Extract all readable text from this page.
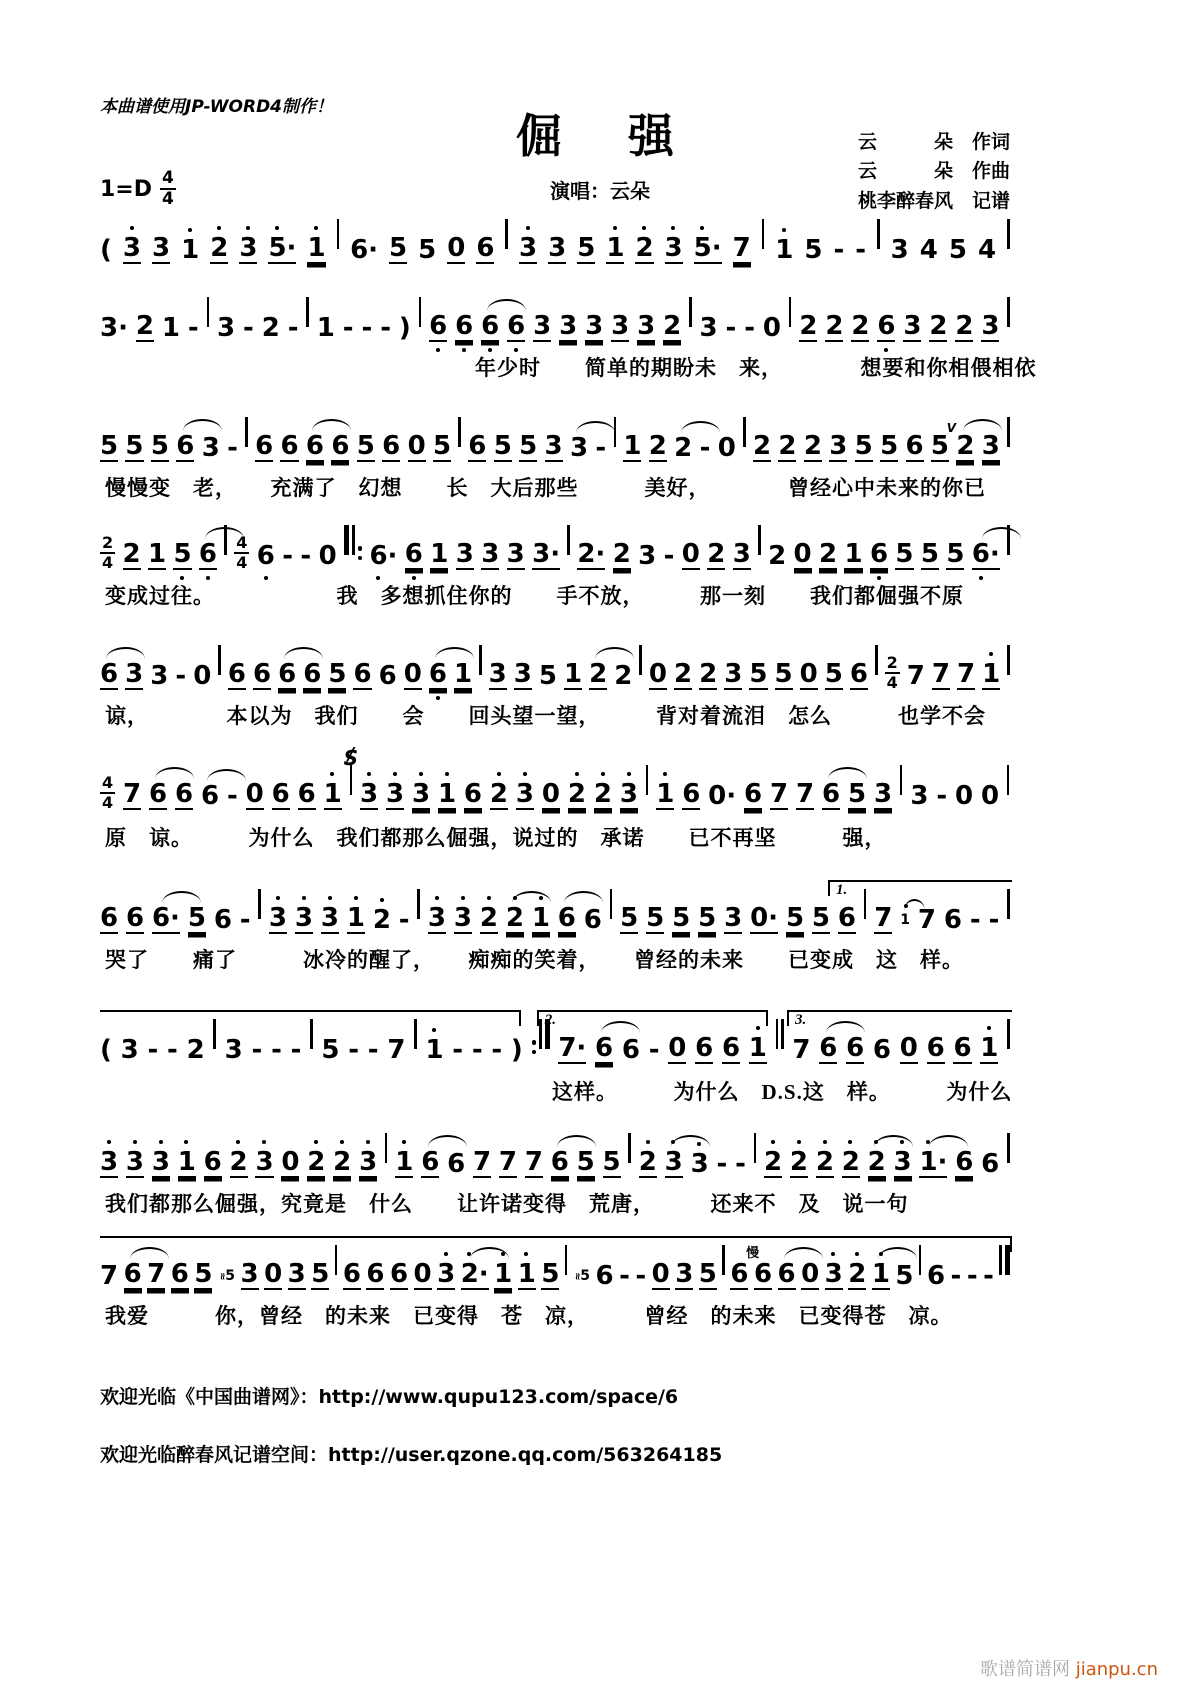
本曲谱使用JP-WORD4制作！
倔　强
演唱：云朵
云　　　朵　作词
云　　　朵　作曲
桃李醉春风　记谱
1=D 4
4
( 3 3 1 2 3 5· 1 6· 5 5 0 6 3 3 5 1 2 3 5· 7 1 5 - - 3 4 5 4
3· 2 1 - 3 - 2 - 1 - - - ) 6 6 6 6 3 3 3 3 3 2 3 - - 0 2 2 2 6 3 2 2 3
年少时　　简单的期盼未　来，　　　　想要和你相偎相依
5 5 5 6 3 - 6 6 6 6 5 6 0 5 6 5 5 3 3 - 1 2 2 - 0 2 2 2 3 5 5 6 5
V
2 3
慢慢变　老，　　充满了　幻想　　长　大后那些　　　美好，　　　　曾经心中未来的你已
2
4 2 1 5 6 4
4 6 - - 0 6· 6 1 3 3 3 3· 2· 2 3 - 0 2 3 2 0 2 1 6 5 5 5 6·
变成过往。　　　　　　我　多想抓住你的　　手不放，　　　那一刻　　我们都倔强不原
6 3 3 - 0 6 6 6 6 5 6 6 0 6 1 3 3 5 1 2 2 0 2 2 3 5 5 0 5 6 2
4 7 7 7 1
谅，　　　　本以为　我们　　会　　回头望一望，　　　背对着流泪　怎么　　　也学不会
4
4 7 6 6 6 - 0 6 6 1
S /
3 3 3 1 6 2 3 0 2 2 3 1 6 0· 6 7 7 6 5 3 3 - 0 0
原　谅。　　　为什么　我们都那么倔强，说过的　承诺　　已不再坚　　　强，
6 6 6· 5 6 - 3 3 3 1 2 - 3 3 2 2 1 6 6 5 5 5 5 3 0· 5 5 6 7 1 7 6 - -
1.
哭了　　痛了　　　冰冷的醒了，　　痴痴的笑着，　　曾经的未来　　已变成　这　样。
( 3 - - 2 3 - - - 5 - - 7 1 - - - ) 7· 6 6 - 0 6 6 1 7 6 6 6 0 6 6 1
2.	3.
这样。　　　为什么　D.S.这　样。　　　为什么
3 3 3 1 6 2 3 0 2 2 3 1 6 6 7 7 7 6 5 5 2 3 3 - - 2 2 2 2 2 3 1· 6 6
我们都那么倔强，究竟是　什么　　让许诺变得　荒唐，　　　还来不　及　说一句
7 6 7 6 5 ≈5 3 0 3 5 6 6 6 0 3 2· 1 1 5 ≈5 6 - - 0 3 5 6 6 6 0 3 2 1 5 6 - - -
慢
我爱　　　你，曾经　的未来　已变得　苍　凉，　　　曾经　的未来　已变得苍　凉。
欢迎光临《中国曲谱网》：http://www.qupu123.com/space/6
欢迎光临醉春风记谱空间：http://user.qzone.qq.com/563264185
歌谱简谱网 jianpu.cn
